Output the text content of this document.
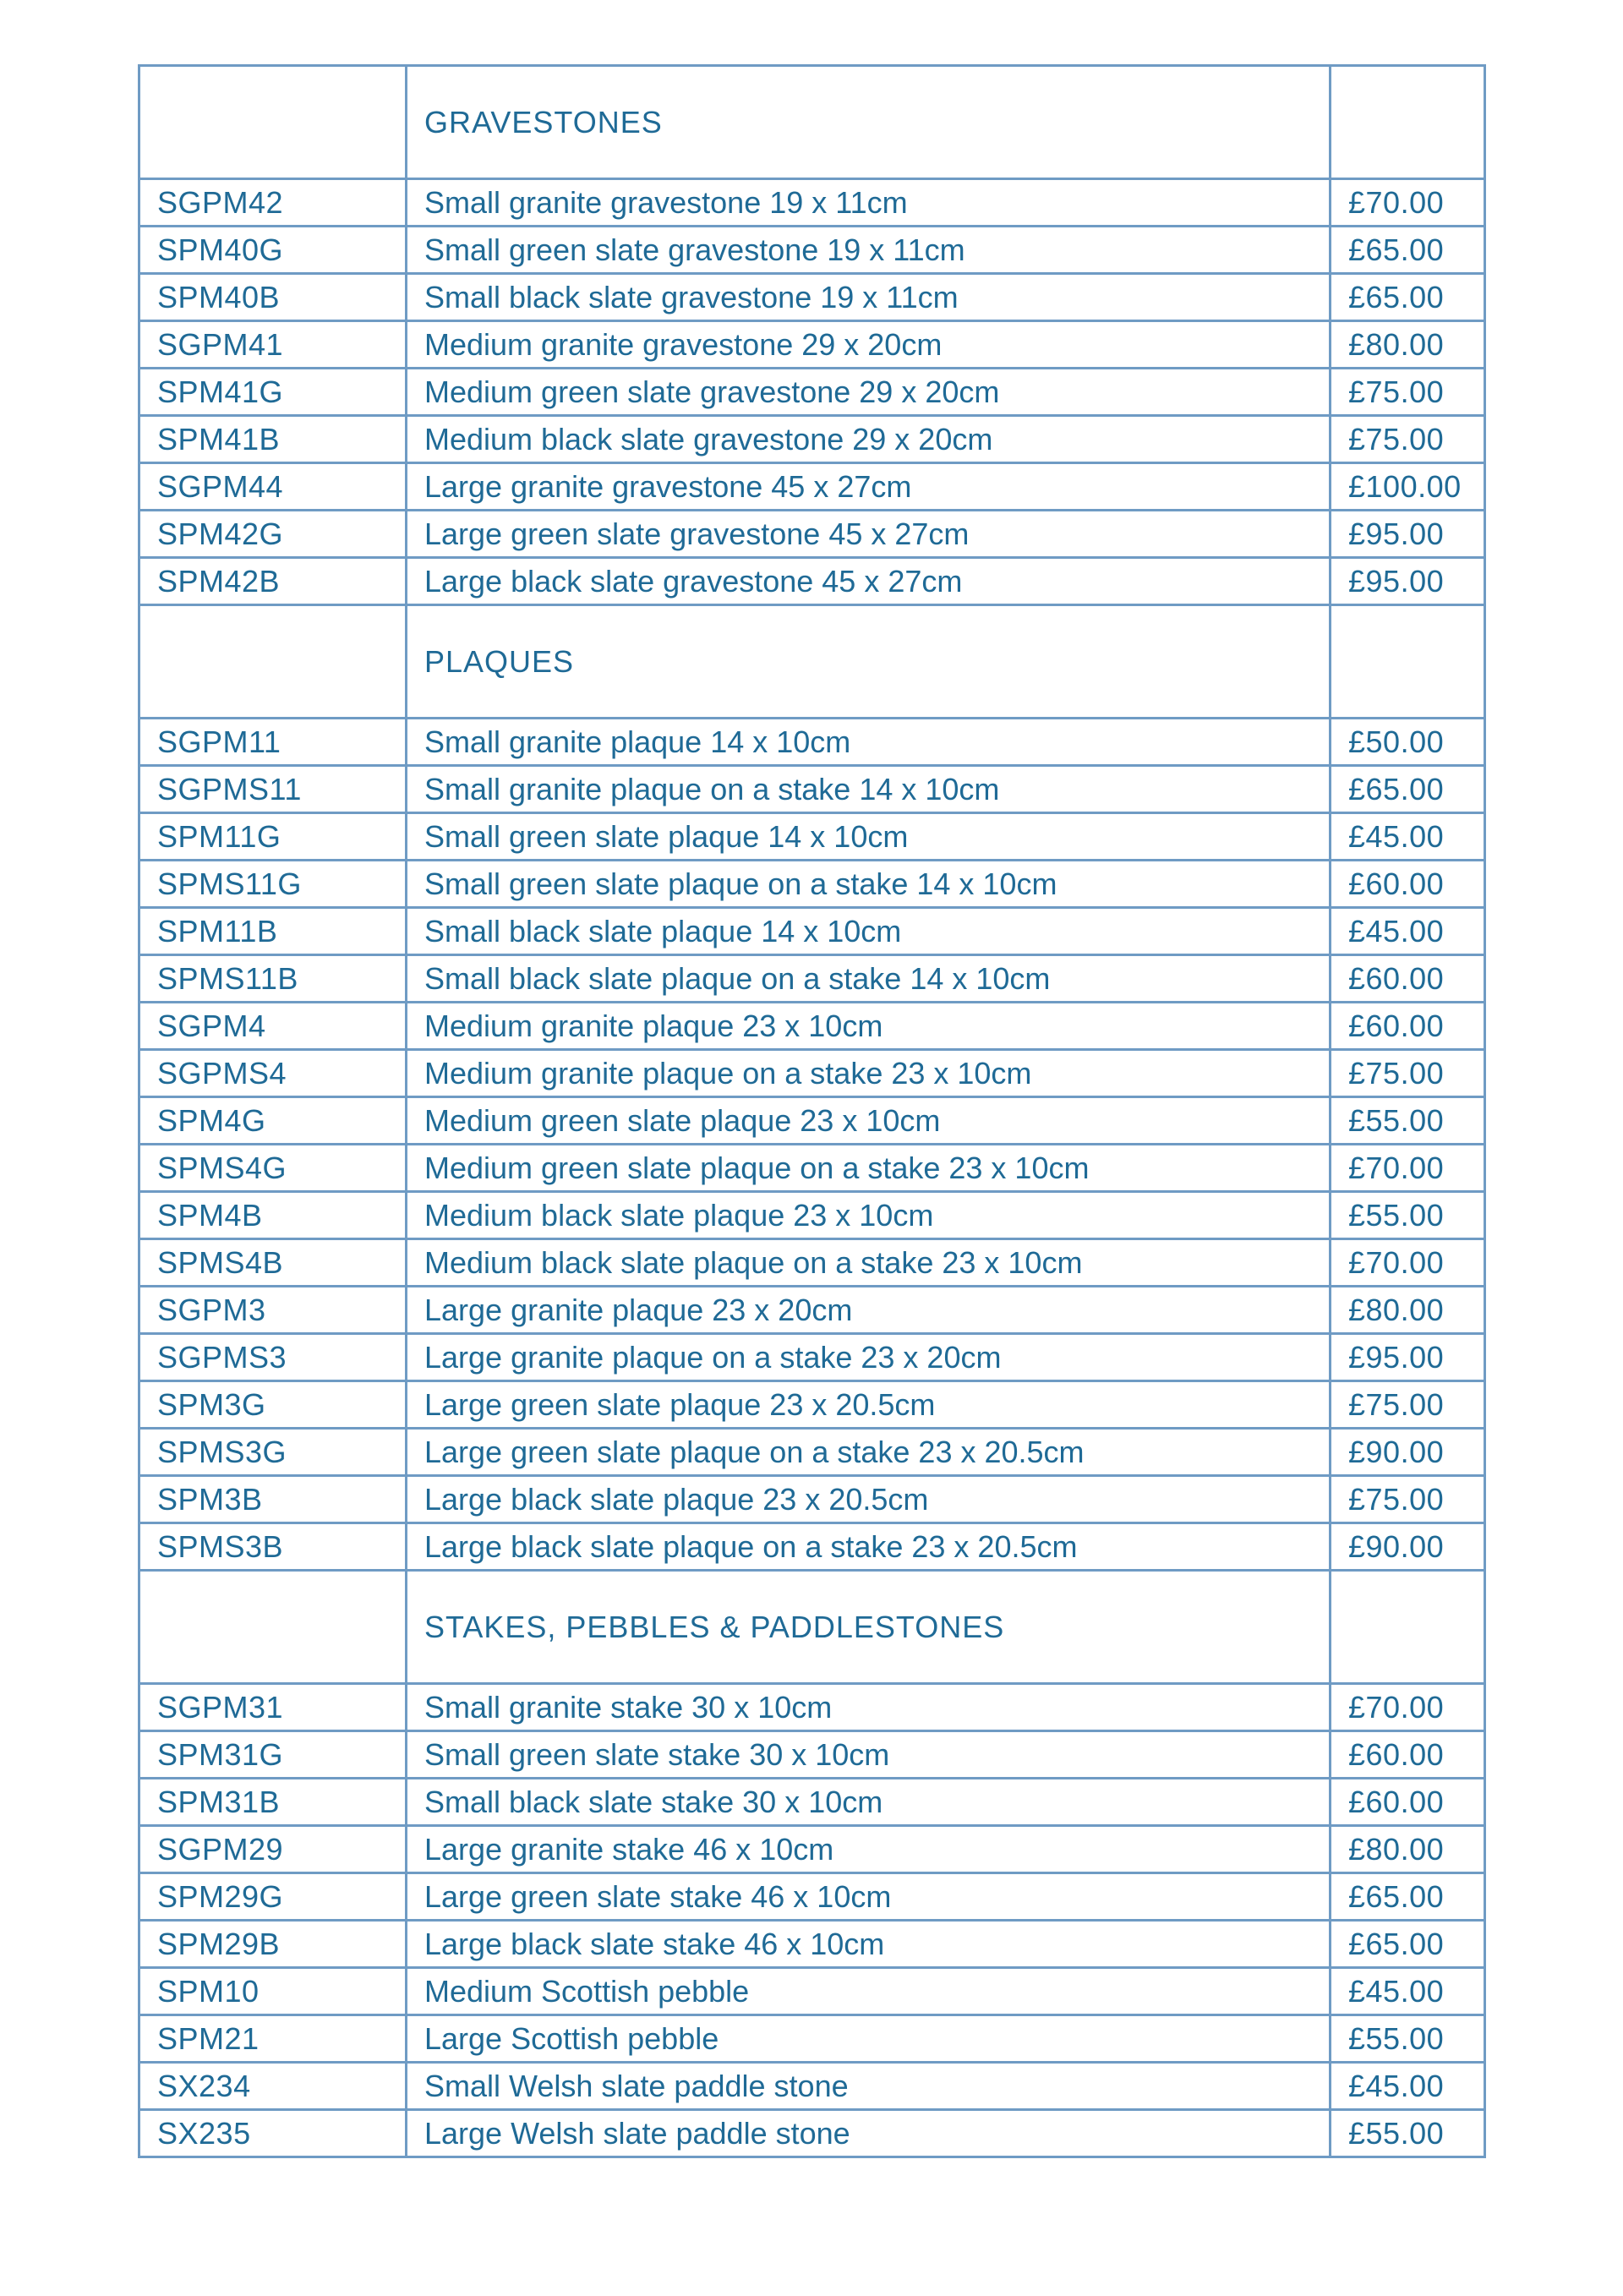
	GRAVESTONES	
SGPM42	Small granite gravestone 19 x 11cm	£70.00
SPM40G	Small green slate gravestone 19 x 11cm	£65.00
SPM40B	Small black slate gravestone 19 x 11cm	£65.00
SGPM41	Medium granite gravestone 29 x 20cm	£80.00
SPM41G	Medium green slate gravestone 29 x 20cm	£75.00
SPM41B	Medium black slate gravestone 29 x 20cm	£75.00
SGPM44	Large granite gravestone 45 x 27cm	£100.00
SPM42G	Large green slate gravestone 45 x 27cm	£95.00
SPM42B	Large black slate gravestone 45 x 27cm	£95.00
	PLAQUES	
SGPM11	Small granite plaque 14 x 10cm	£50.00
SGPMS11	Small granite plaque on a stake 14 x 10cm	£65.00
SPM11G	Small green slate plaque 14 x 10cm	£45.00
SPMS11G	Small green slate plaque on a stake 14 x 10cm	£60.00
SPM11B	Small black slate plaque 14 x 10cm	£45.00
SPMS11B	Small black slate plaque on a stake 14 x 10cm	£60.00
SGPM4	Medium granite plaque 23 x 10cm	£60.00
SGPMS4	Medium granite plaque on a stake 23 x 10cm	£75.00
SPM4G	Medium green slate plaque 23 x 10cm	£55.00
SPMS4G	Medium green slate plaque on a stake 23 x 10cm	£70.00
SPM4B	Medium black slate plaque 23 x 10cm	£55.00
SPMS4B	Medium black slate plaque on a stake 23 x 10cm	£70.00
SGPM3	Large granite plaque 23 x 20cm	£80.00
SGPMS3	Large granite plaque on a stake 23 x 20cm	£95.00
SPM3G	Large green slate plaque 23 x 20.5cm	£75.00
SPMS3G	Large green slate plaque on a stake 23 x 20.5cm	£90.00
SPM3B	Large black slate plaque 23 x 20.5cm	£75.00
SPMS3B	Large black slate plaque on a stake 23 x 20.5cm	£90.00
	STAKES, PEBBLES & PADDLESTONES	
SGPM31	Small granite stake 30 x 10cm	£70.00
SPM31G	Small green slate stake 30 x 10cm	£60.00
SPM31B	Small black slate stake 30 x 10cm	£60.00
SGPM29	Large granite stake 46 x 10cm	£80.00
SPM29G	Large green slate stake 46 x 10cm	£65.00
SPM29B	Large black slate stake 46 x 10cm	£65.00
SPM10	Medium Scottish pebble	£45.00
SPM21	Large Scottish pebble	£55.00
SX234	Small Welsh slate paddle stone	£45.00
SX235	Large Welsh slate paddle stone	£55.00
